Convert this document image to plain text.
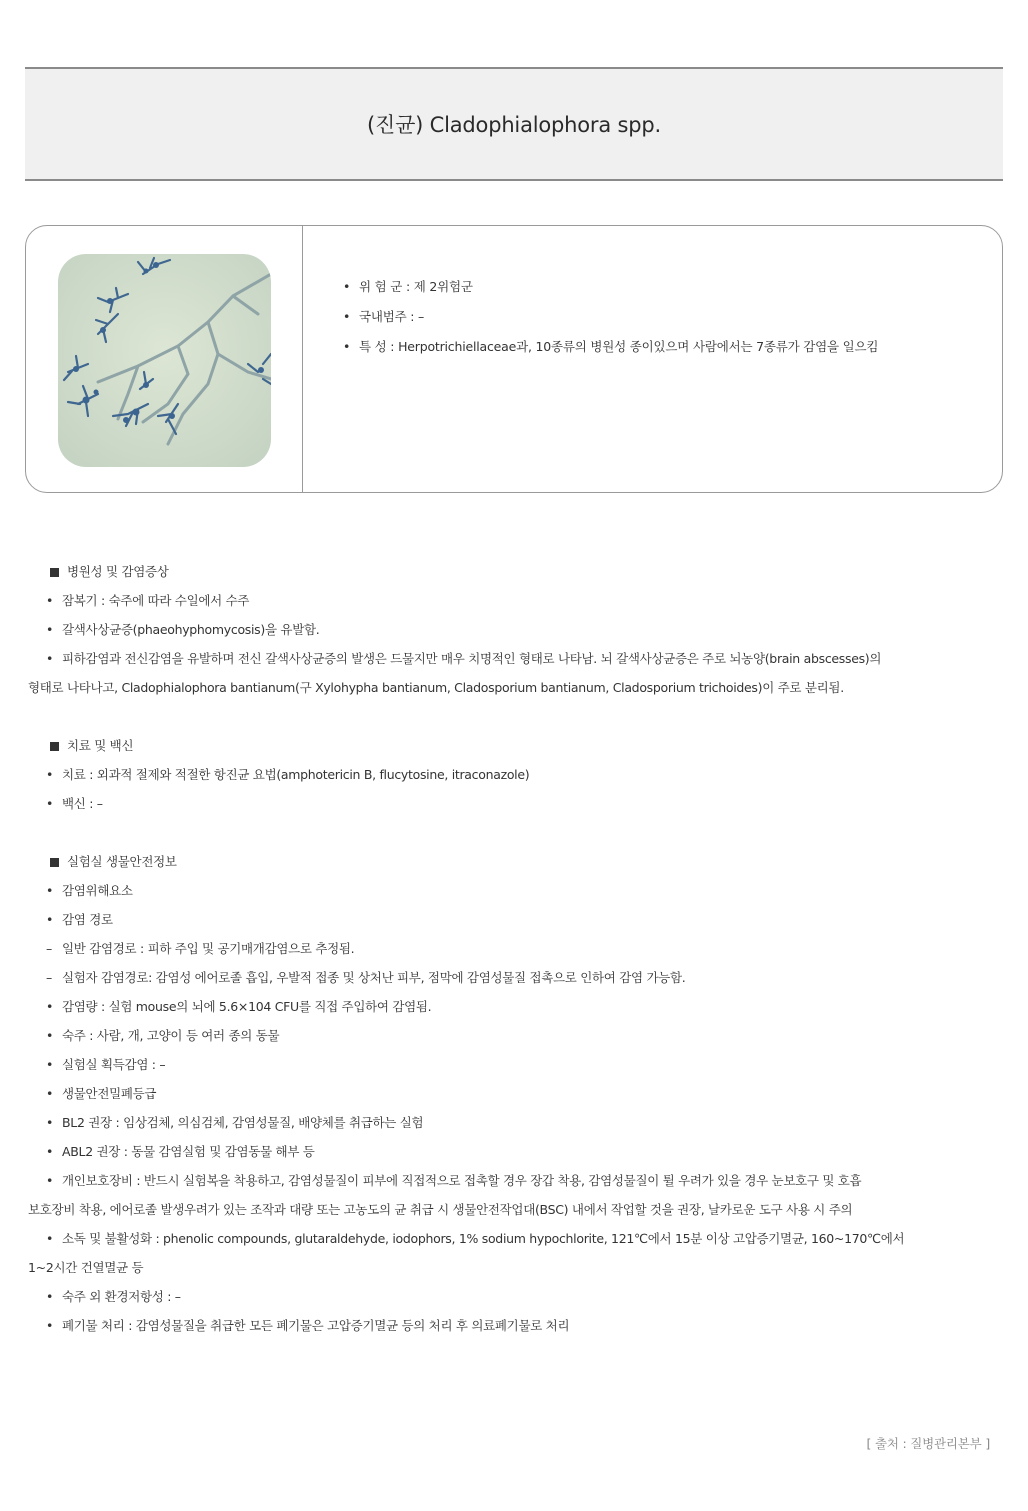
(진균) Cladophialophora spp.
• 위 험 군 : 제 2위험군
• 국내범주 : –
• 특 성 : Herpotrichiellaceae과, 10종류의 병원성 종이있으며 사람에서는 7종류가 감염을 일으킴
병원성 및 감염증상
• 잠복기 : 숙주에 따라 수일에서 수주
• 갈색사상균증(phaeohyphomycosis)을 유발함.
• 피하감염과 전신감염을 유발하며 전신 갈색사상균증의 발생은 드물지만 매우 치명적인 형태로 나타남. 뇌 갈색사상균증은 주로 뇌농양(brain abscesses)의
형태로 나타나고, Cladophialophora bantianum(구 Xylohypha bantianum, Cladosporium bantianum, Cladosporium trichoides)이 주로 분리됨.
치료 및 백신
• 치료 : 외과적 절제와 적절한 항진균 요법(amphotericin B, flucytosine, itraconazole)
• 백신 : –
실험실 생물안전정보
• 감염위해요소
• 감염 경로
– 일반 감염경로 : 피하 주입 및 공기매개감염으로 추정됨.
– 실험자 감염경로: 감염성 에어로졸 흡입, 우발적 접종 및 상처난 피부, 점막에 감염성물질 접촉으로 인하여 감염 가능함.
• 감염량 : 실험 mouse의 뇌에 5.6×104 CFU를 직접 주입하여 감염됨.
• 숙주 : 사람, 개, 고양이 등 여러 종의 동물
• 실험실 획득감염 : –
• 생물안전밀폐등급
• BL2 권장 : 임상검체, 의심검체, 감염성물질, 배양체를 취급하는 실험
• ABL2 권장 : 동물 감염실험 및 감염동물 해부 등
• 개인보호장비 : 반드시 실험복을 착용하고, 감염성물질이 피부에 직접적으로 접촉할 경우 장갑 착용, 감염성물질이 튈 우려가 있을 경우 눈보호구 및 호흡
보호장비 착용, 에어로졸 발생우려가 있는 조작과 대량 또는 고농도의 균 취급 시 생물안전작업대(BSC) 내에서 작업할 것을 권장, 날카로운 도구 사용 시 주의
• 소독 및 불활성화 : phenolic compounds, glutaraldehyde, iodophors, 1% sodium hypochlorite, 121℃에서 15분 이상 고압증기멸균, 160~170℃에서
1~2시간 건열멸균 등
• 숙주 외 환경저항성 : –
• 폐기물 처리 : 감염성물질을 취급한 모든 폐기물은 고압증기멸균 등의 처리 후 의료폐기물로 처리
[ 출처 : 질병관리본부 ]
